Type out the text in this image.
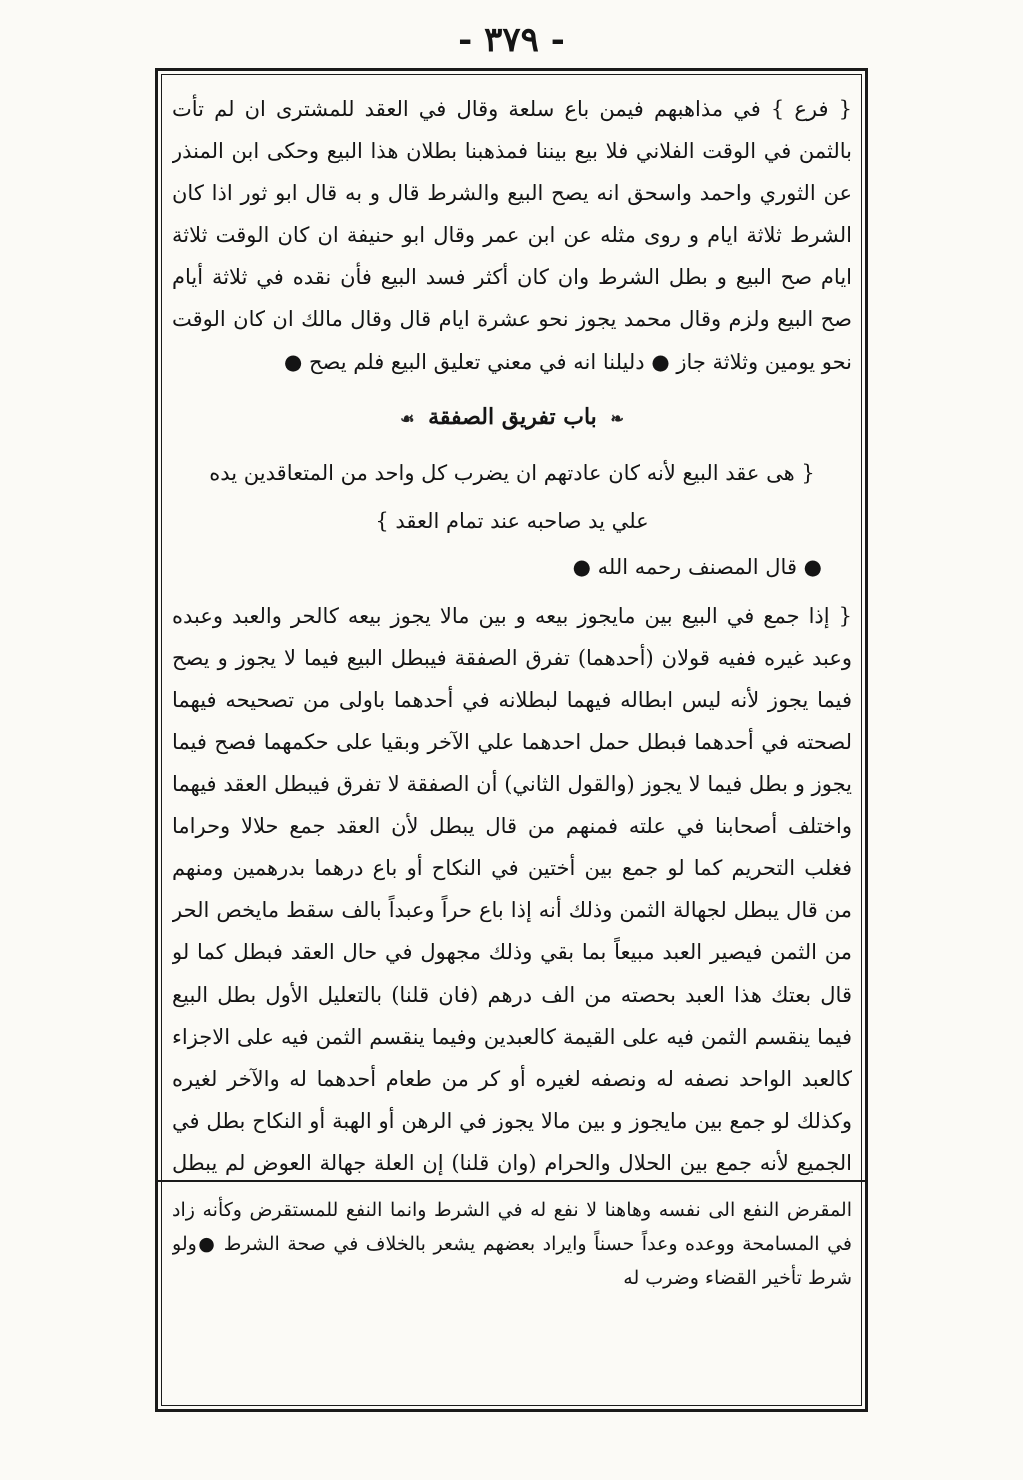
- ٣٧٩ -

{ فرع } في مذاهبهم فيمن باع سلعة وقال في العقد للمشترى ان لم تأت بالثمن في الوقت الفلاني فلا بيع بيننا فمذهبنا بطلان هذا البيع وحكى ابن المنذر عن الثوري واحمد واسحق انه يصح البيع والشرط قال و به قال ابو ثور اذا كان الشرط ثلاثة ايام و روى مثله عن ابن عمر وقال ابو حنيفة ان كان الوقت ثلاثة ايام صح البيع و بطل الشرط وان كان أكثر فسد البيع فأن نقده في ثلاثة أيام صح البيع ولزم وقال محمد يجوز نحو عشرة ايام قال وقال مالك ان كان الوقت نحو يومين وثلاثة جاز ● دليلنا انه في معني تعليق البيع فلم يصح ●

❧ باب تفريق الصفقة ☙

{ هى عقد البيع لأنه كان عادتهم ان يضرب كل واحد من المتعاقدين يده علي يد صاحبه عند تمام العقد }

● قال المصنف رحمه الله ●

{ إذا جمع في البيع بين مايجوز بيعه و بين مالا يجوز بيعه كالحر والعبد وعبده وعبد غيره ففيه قولان (أحدهما) تفرق الصفقة فيبطل البيع فيما لا يجوز و يصح فيما يجوز لأنه ليس ابطاله فيهما لبطلانه في أحدهما باولى من تصحيحه فيهما لصحته في أحدهما فبطل حمل احدهما علي الآخر وبقيا على حكمهما فصح فيما يجوز و بطل فيما لا يجوز (والقول الثاني) أن الصفقة لا تفرق فيبطل العقد فيهما واختلف أصحابنا في علته فمنهم من قال يبطل لأن العقد جمع حلالا وحراما فغلب التحريم كما لو جمع بين أختين في النكاح أو باع درهما بدرهمين ومنهم من قال يبطل لجهالة الثمن وذلك أنه إذا باع حراً وعبداً بالف سقط مايخص الحر من الثمن فيصير العبد مبيعاً بما بقي وذلك مجهول في حال العقد فبطل كما لو قال بعتك هذا العبد بحصته من الف درهم (فان قلنا) بالتعليل الأول بطل البيع فيما ينقسم الثمن فيه على القيمة كالعبدين وفيما ينقسم الثمن فيه على الاجزاء كالعبد الواحد نصفه له ونصفه لغيره أو كر من طعام أحدهما له والآخر لغيره وكذلك لو جمع بين مايجوز و بين مالا يجوز في الرهن أو الهبة أو النكاح بطل في الجميع لأنه جمع بين الحلال والحرام (وان قلنا) إن العلة جهالة العوض لم يبطل

المقرض النفع الى نفسه وهاهنا لا نفع له في الشرط وانما النفع للمستقرض وكأنه زاد في المسامحة ووعده وعداً حسناً وايراد بعضهم يشعر بالخلاف في صحة الشرط ●ولو شرط تأخير القضاء وضرب له
